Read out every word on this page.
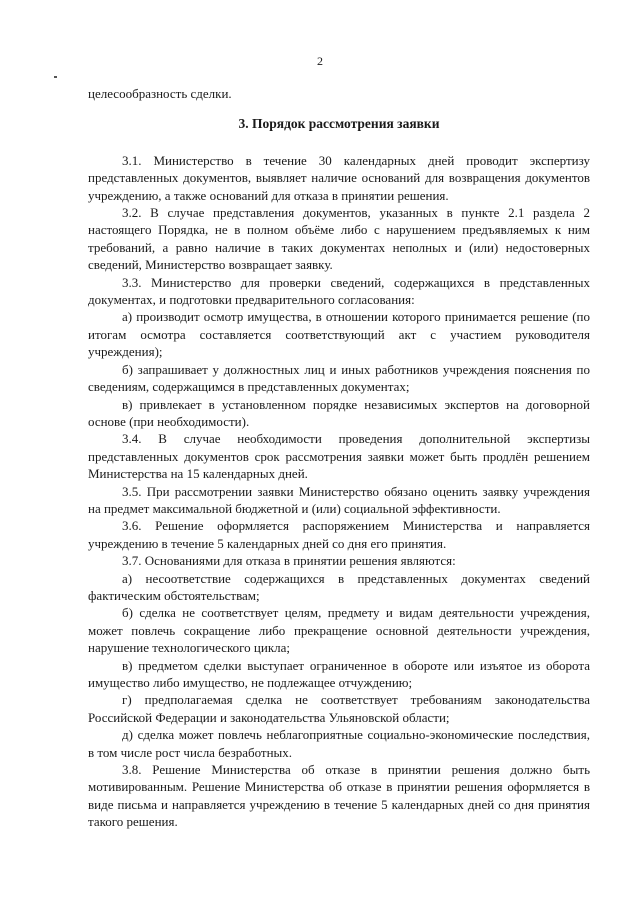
2

целесообразность сделки.

3. Порядок рассмотрения заявки

3.1. Министерство в течение 30 календарных дней проводит экспертизу представленных документов, выявляет наличие оснований для возвращения документов учреждению, а также оснований для отказа в принятии решения.

3.2. В случае представления документов, указанных в пункте 2.1 раздела 2 настоящего Порядка, не в полном объёме либо с нарушением предъявляемых к ним требований, а равно наличие в таких документах неполных и (или) недостоверных сведений, Министерство возвращает заявку.

3.3. Министерство для проверки сведений, содержащихся в представленных документах, и подготовки предварительного согласования:

а) производит осмотр имущества, в отношении которого принимается решение (по итогам осмотра составляется соответствующий акт с участием руководителя учреждения);

б) запрашивает у должностных лиц и иных работников учреждения пояснения по сведениям, содержащимся в представленных документах;

в) привлекает в установленном порядке независимых экспертов на договорной основе (при необходимости).

3.4. В случае необходимости проведения дополнительной экспертизы представленных документов срок рассмотрения заявки может быть продлён решением Министерства на 15 календарных дней.

3.5. При рассмотрении заявки Министерство обязано оценить заявку учреждения на предмет максимальной бюджетной и (или) социальной эффективности.

3.6. Решение оформляется распоряжением Министерства и направляется учреждению в течение 5 календарных дней со дня его принятия.

3.7. Основаниями для отказа в принятии решения являются:

а) несоответствие содержащихся в представленных документах сведений фактическим обстоятельствам;

б) сделка не соответствует целям, предмету и видам деятельности учреждения, может повлечь сокращение либо прекращение основной деятельности учреждения, нарушение технологического цикла;

в) предметом сделки выступает ограниченное в обороте или изъятое из оборота имущество либо имущество, не подлежащее отчуждению;

г) предполагаемая сделка не соответствует требованиям законодательства Российской Федерации и законодательства Ульяновской области;

д) сделка может повлечь неблагоприятные социально-экономические последствия, в том числе рост числа безработных.

3.8. Решение Министерства об отказе в принятии решения должно быть мотивированным. Решение Министерства об отказе в принятии решения оформляется в виде письма и направляется учреждению в течение 5 календарных дней со дня принятия такого решения.
